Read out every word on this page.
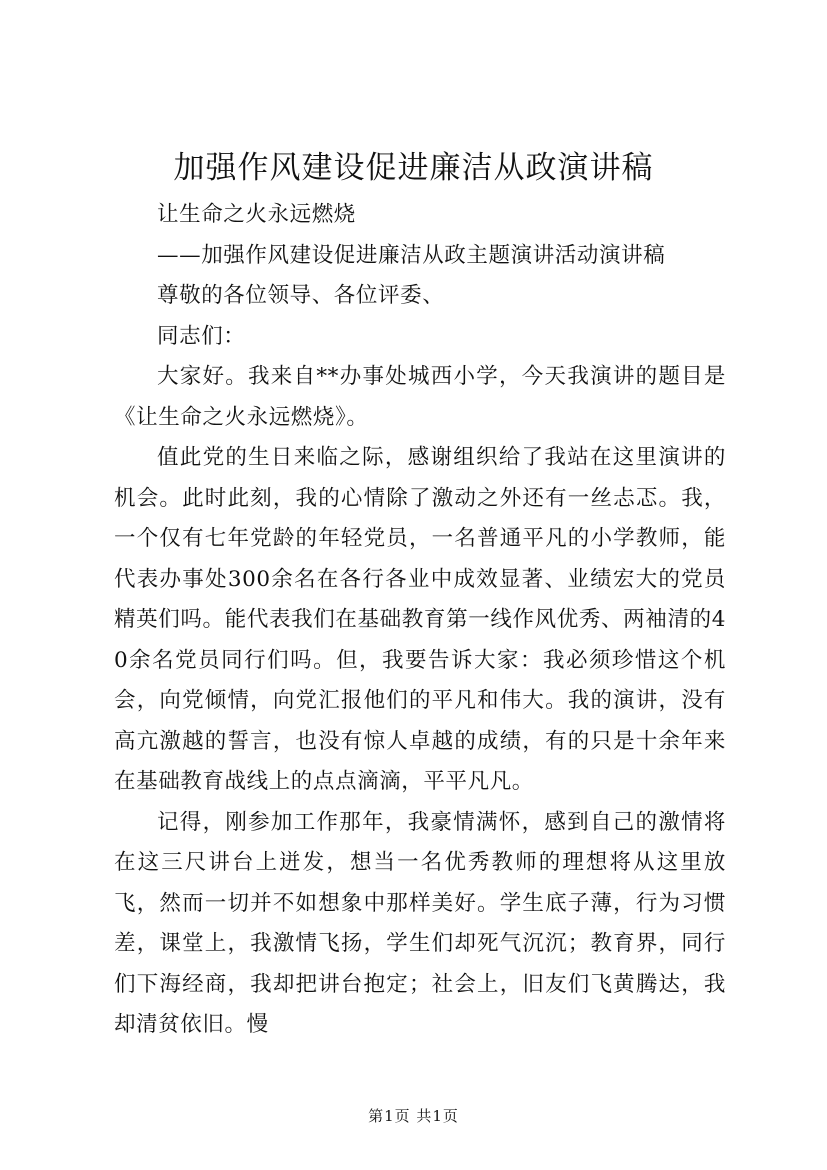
加强作风建设促进廉洁从政演讲稿

让生命之火永远燃烧

——加强作风建设促进廉洁从政主题演讲活动演讲稿

尊敬的各位领导、各位评委、

同志们：

大家好。我来自**办事处城西小学，今天我演讲的题目是《让生命之火永远燃烧》。

值此党的生日来临之际，感谢组织给了我站在这里演讲的机会。此时此刻，我的心情除了激动之外还有一丝忐忑。我，一个仅有七年党龄的年轻党员，一名普通平凡的小学教师，能代表办事处300余名在各行各业中成效显著、业绩宏大的党员精英们吗。能代表我们在基础教育第一线作风优秀、两袖清的40余名党员同行们吗。但，我要告诉大家：我必须珍惜这个机会，向党倾情，向党汇报他们的平凡和伟大。我的演讲，没有高亢激越的誓言，也没有惊人卓越的成绩，有的只是十余年来在基础教育战线上的点点滴滴，平平凡凡。

记得，刚参加工作那年，我豪情满怀，感到自己的激情将在这三尺讲台上迸发，想当一名优秀教师的理想将从这里放飞，然而一切并不如想象中那样美好。学生底子薄，行为习惯差，课堂上，我激情飞扬，学生们却死气沉沉；教育界，同行们下海经商，我却把讲台抱定；社会上，旧友们飞黄腾达，我却清贫依旧。慢

第1页 共1页
